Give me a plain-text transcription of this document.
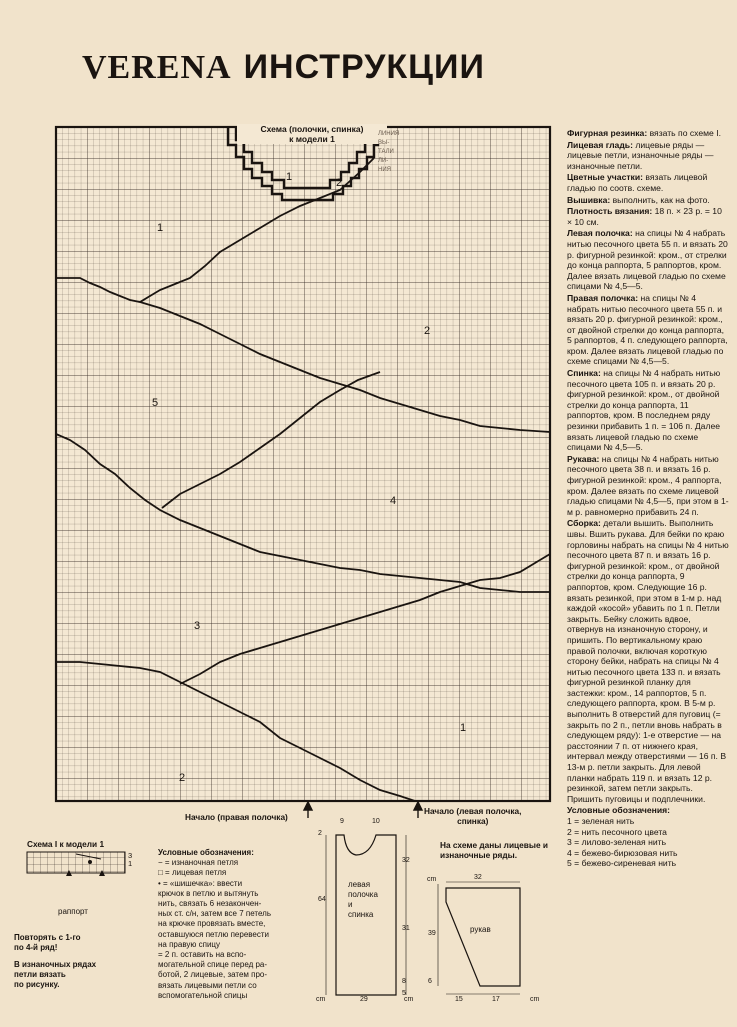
VERENA ИНСТРУКЦИИ
Схема (полочки, спинка)
к модели 1	ЛИНИЯ
ВЫ-
ТАЛИ
ЛИ-
НИЯ
1
1
2
2
5
4
3
1
2
Начало (правая полочка)
Начало (левая полочка,
спинка)
Схема I к модели 1
3
1
раппорт
Повторять с 1-го
по 4-й ряд!
В изнаночных рядах
петли вязать
по рисунку.
Условные обозначения:
− = изнаночная петля
□ = лицевая петля
• = «шишечка»: ввести
крючок в петлю и вытянуть
нить, связать 6 незакончен-
ных ст. с/н, затем все 7 петель
на крючке провязать вместе,
оставшуюся петлю перевести
на правую спицу
= 2 п. оставить на вспо-
могательной спице перед ра-
ботой, 2 лицевые, затем про-
вязать лицевыми петли со
вспомогательной спицы
левая
полочка
и
спинка
9	10
2
64
32
31
8
29
cm	cm
5
На схеме даны лицевые и
изнаночные ряды.
рукав
cm	32
39
6
15	17	cm

Фигурная резинка: вязать по схеме I.

Лицевая гладь: лицевые ряды — лицевые петли, изнаночные ряды — изнаночные петли.

Цветные участки: вязать лицевой гладью по соотв. схеме.

Вышивка: выполнить, как на фото.

Плотность вязания: 18 п. × 23 р. = 10 × 10 см.

Левая полочка: на спицы № 4 набрать нитью песочного цвета 55 п. и вязать 20 р. фигурной резинкой: кром., от стрелки до конца раппорта, 5 раппортов, кром. Далее вязать лицевой гладью по схеме спицами № 4,5—5.

Правая полочка: на спицы № 4 набрать нитью песочного цвета 55 п. и вязать 20 р. фигурной резинкой: кром., от двойной стрелки до конца раппорта, 5 раппортов, 4 п. следующего раппорта, кром. Далее вязать лицевой гладью по схеме спицами № 4,5—5.

Спинка: на спицы № 4 набрать нитью песочного цвета 105 п. и вязать 20 р. фигурной резинкой: кром., от двойной стрелки до конца раппорта, 11 раппортов, кром. В последнем ряду резинки прибавить 1 п. = 106 п. Далее вязать лицевой гладью по схеме спицами № 4,5—5.

Рукава: на спицы № 4 набрать нитью песочного цвета 38 п. и вязать 16 р. фигурной резинкой: кром., 4 раппорта, кром. Далее вязать по схеме лицевой гладью спицами № 4,5—5, при этом в 1-м р. равномерно прибавить 24 п.

Сборка: детали вышить. Выполнить швы. Вшить рукава. Для бейки по краю горловины набрать на спицы № 4 нитью песочного цвета 87 п. и вязать 16 р. фигурной резинкой: кром., от двойной стрелки до конца раппорта, 9 раппортов, кром. Следующие 16 р. вязать резинкой, при этом в 1-м р. над каждой «косой» убавить по 1 п. Петли закрыть. Бейку сложить вдвое, отвернув на изнаночную сторону, и пришить. По вертикальному краю правой полочки, включая короткую сторону бейки, набрать на спицы № 4 нитью песочного цвета 133 п. и вязать фигурной резинкой планку для застежки: кром., 14 раппортов, 5 п. следующего раппорта, кром. В 5-м р. выполнить 8 отверстий для пуговиц (= закрыть по 2 п., петли вновь набрать в следующем ряду): 1-е отверстие — на расстоянии 7 п. от нижнего края, интервал между отверстиями — 16 п. В 13-м р. петли закрыть. Для левой планки набрать 119 п. и вязать 12 р. резинкой, затем петли закрыть. Пришить пуговицы и подплечники.

Условные обозначения:
1 = зеленая нить
2 = нить песочного цвета
3 = лилово-зеленая нить
4 = бежево-бирюзовая нить
5 = бежево-сиреневая нить
